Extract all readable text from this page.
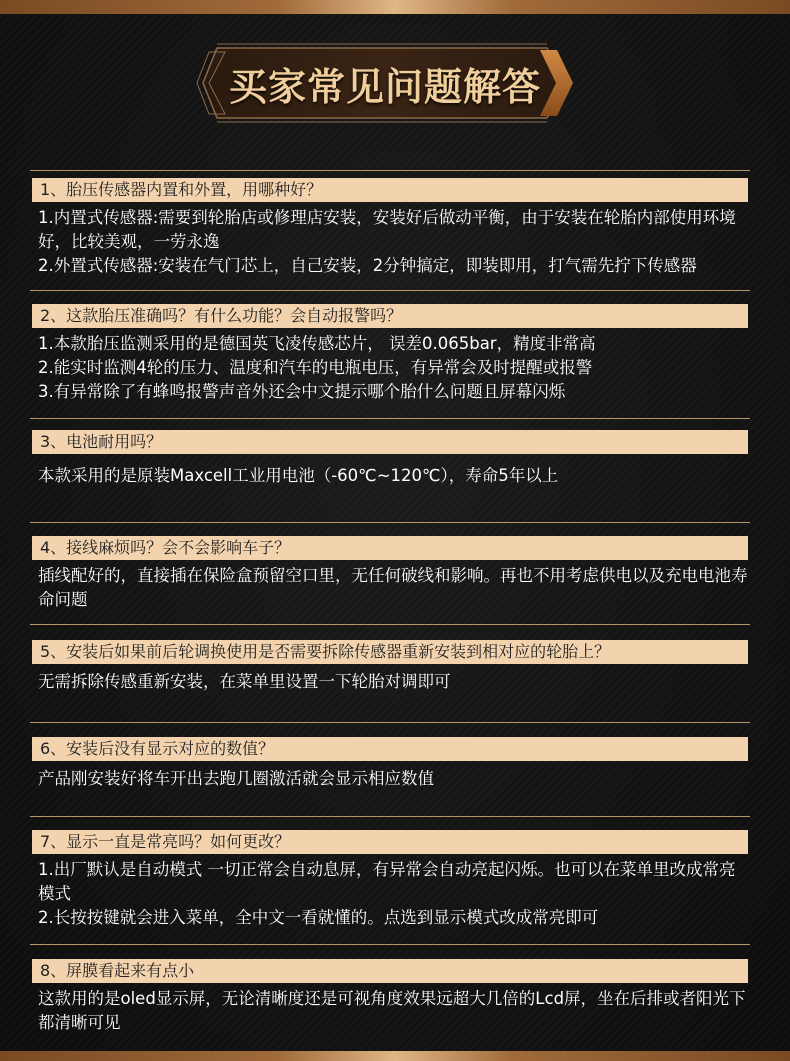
买家常见问题解答
1、胎压传感器内置和外置，用哪种好？

1.内置式传感器:需要到轮胎店或修理店安装，安装好后做动平衡，由于安装在轮胎内部使用环境好，比较美观，一劳永逸

2.外置式传感器:安装在气门芯上，自己安装，2分钟搞定，即装即用，打气需先拧下传感器

2、这款胎压准确吗？有什么功能？会自动报警吗？

1.本款胎压监测采用的是德国英飞凌传感芯片， 误差0.065bar，精度非常高

2.能实时监测4轮的压力、温度和汽车的电瓶电压，有异常会及时提醒或报警

3.有异常除了有蜂鸣报警声音外还会中文提示哪个胎什么问题且屏幕闪烁

3、电池耐用吗？

本款采用的是原装Maxcell工业用电池（-60℃~120℃），寿命5年以上

4、接线麻烦吗？会不会影响车子？

插线配好的，直接插在保险盒预留空口里，无任何破线和影响。再也不用考虑供电以及充电电池寿命问题

5、安装后如果前后轮调换使用是否需要拆除传感器重新安装到相对应的轮胎上？

无需拆除传感重新安装，在菜单里设置一下轮胎对调即可

6、安装后没有显示对应的数值？

产品刚安装好将车开出去跑几圈激活就会显示相应数值

7、显示一直是常亮吗？如何更改？

1.出厂默认是自动模式 一切正常会自动息屏，有异常会自动亮起闪烁。也可以在菜单里改成常亮模式

2.长按按键就会进入菜单，全中文一看就懂的。点选到显示模式改成常亮即可

8、屏膜看起来有点小

这款用的是oled显示屏，无论清晰度还是可视角度效果远超大几倍的Lcd屏，坐在后排或者阳光下都清晰可见
